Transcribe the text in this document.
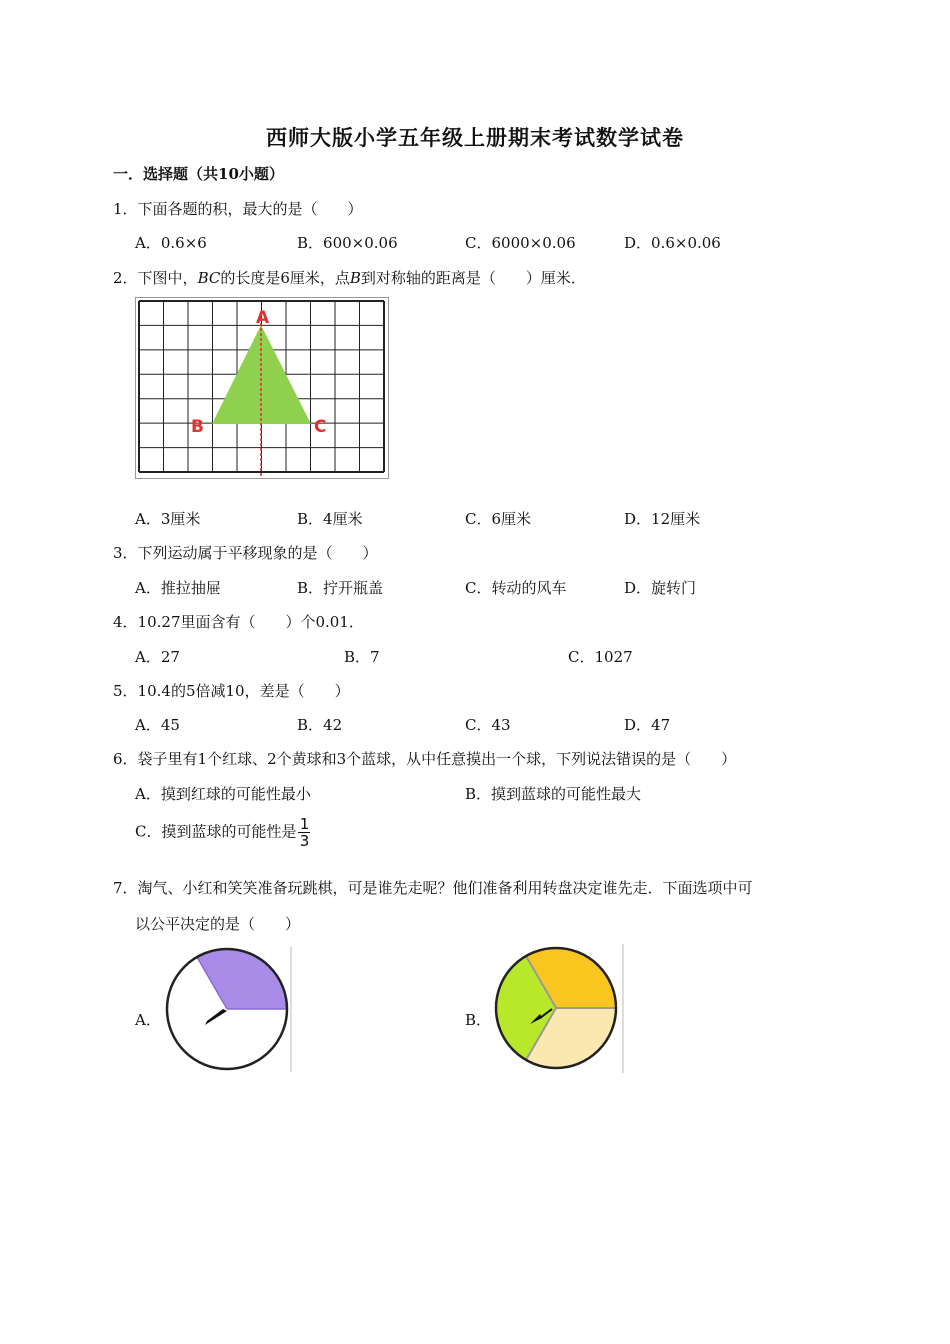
西师大版小学五年级上册期末考试数学试卷
一．选择题（共10小题）
1．下面各题的积，最大的是（　　）
A．0.6×6	B．600×0.06	C．6000×0.06	D．0.6×0.06
2．下图中，BC的长度是6厘米，点B到对称轴的距离是（　　）厘米．
A
B	C
A．3厘米	B．4厘米	C．6厘米	D．12厘米
3．下列运动属于平移现象的是（　　）
A．推拉抽屉	B．拧开瓶盖	C．转动的风车	D．旋转门
4．10.27里面含有（　　）个0.01．
A．27	B．7	C．1027
5．10.4的5倍减10，差是（　　）
A．45	B．42	C．43	D．47
6．袋子里有1个红球、2个黄球和3个蓝球，从中任意摸出一个球，下列说法错误的是（　　）
A．摸到红球的可能性最小	B．摸到蓝球的可能性最大
C．摸到蓝球的可能性是 $\frac{1}{3}$
7．淘气、小红和笑笑准备玩跳棋，可是谁先走呢？他们准备利用转盘决定谁先走．下面选项中可
以公平决定的是（　　）
A．	B．
